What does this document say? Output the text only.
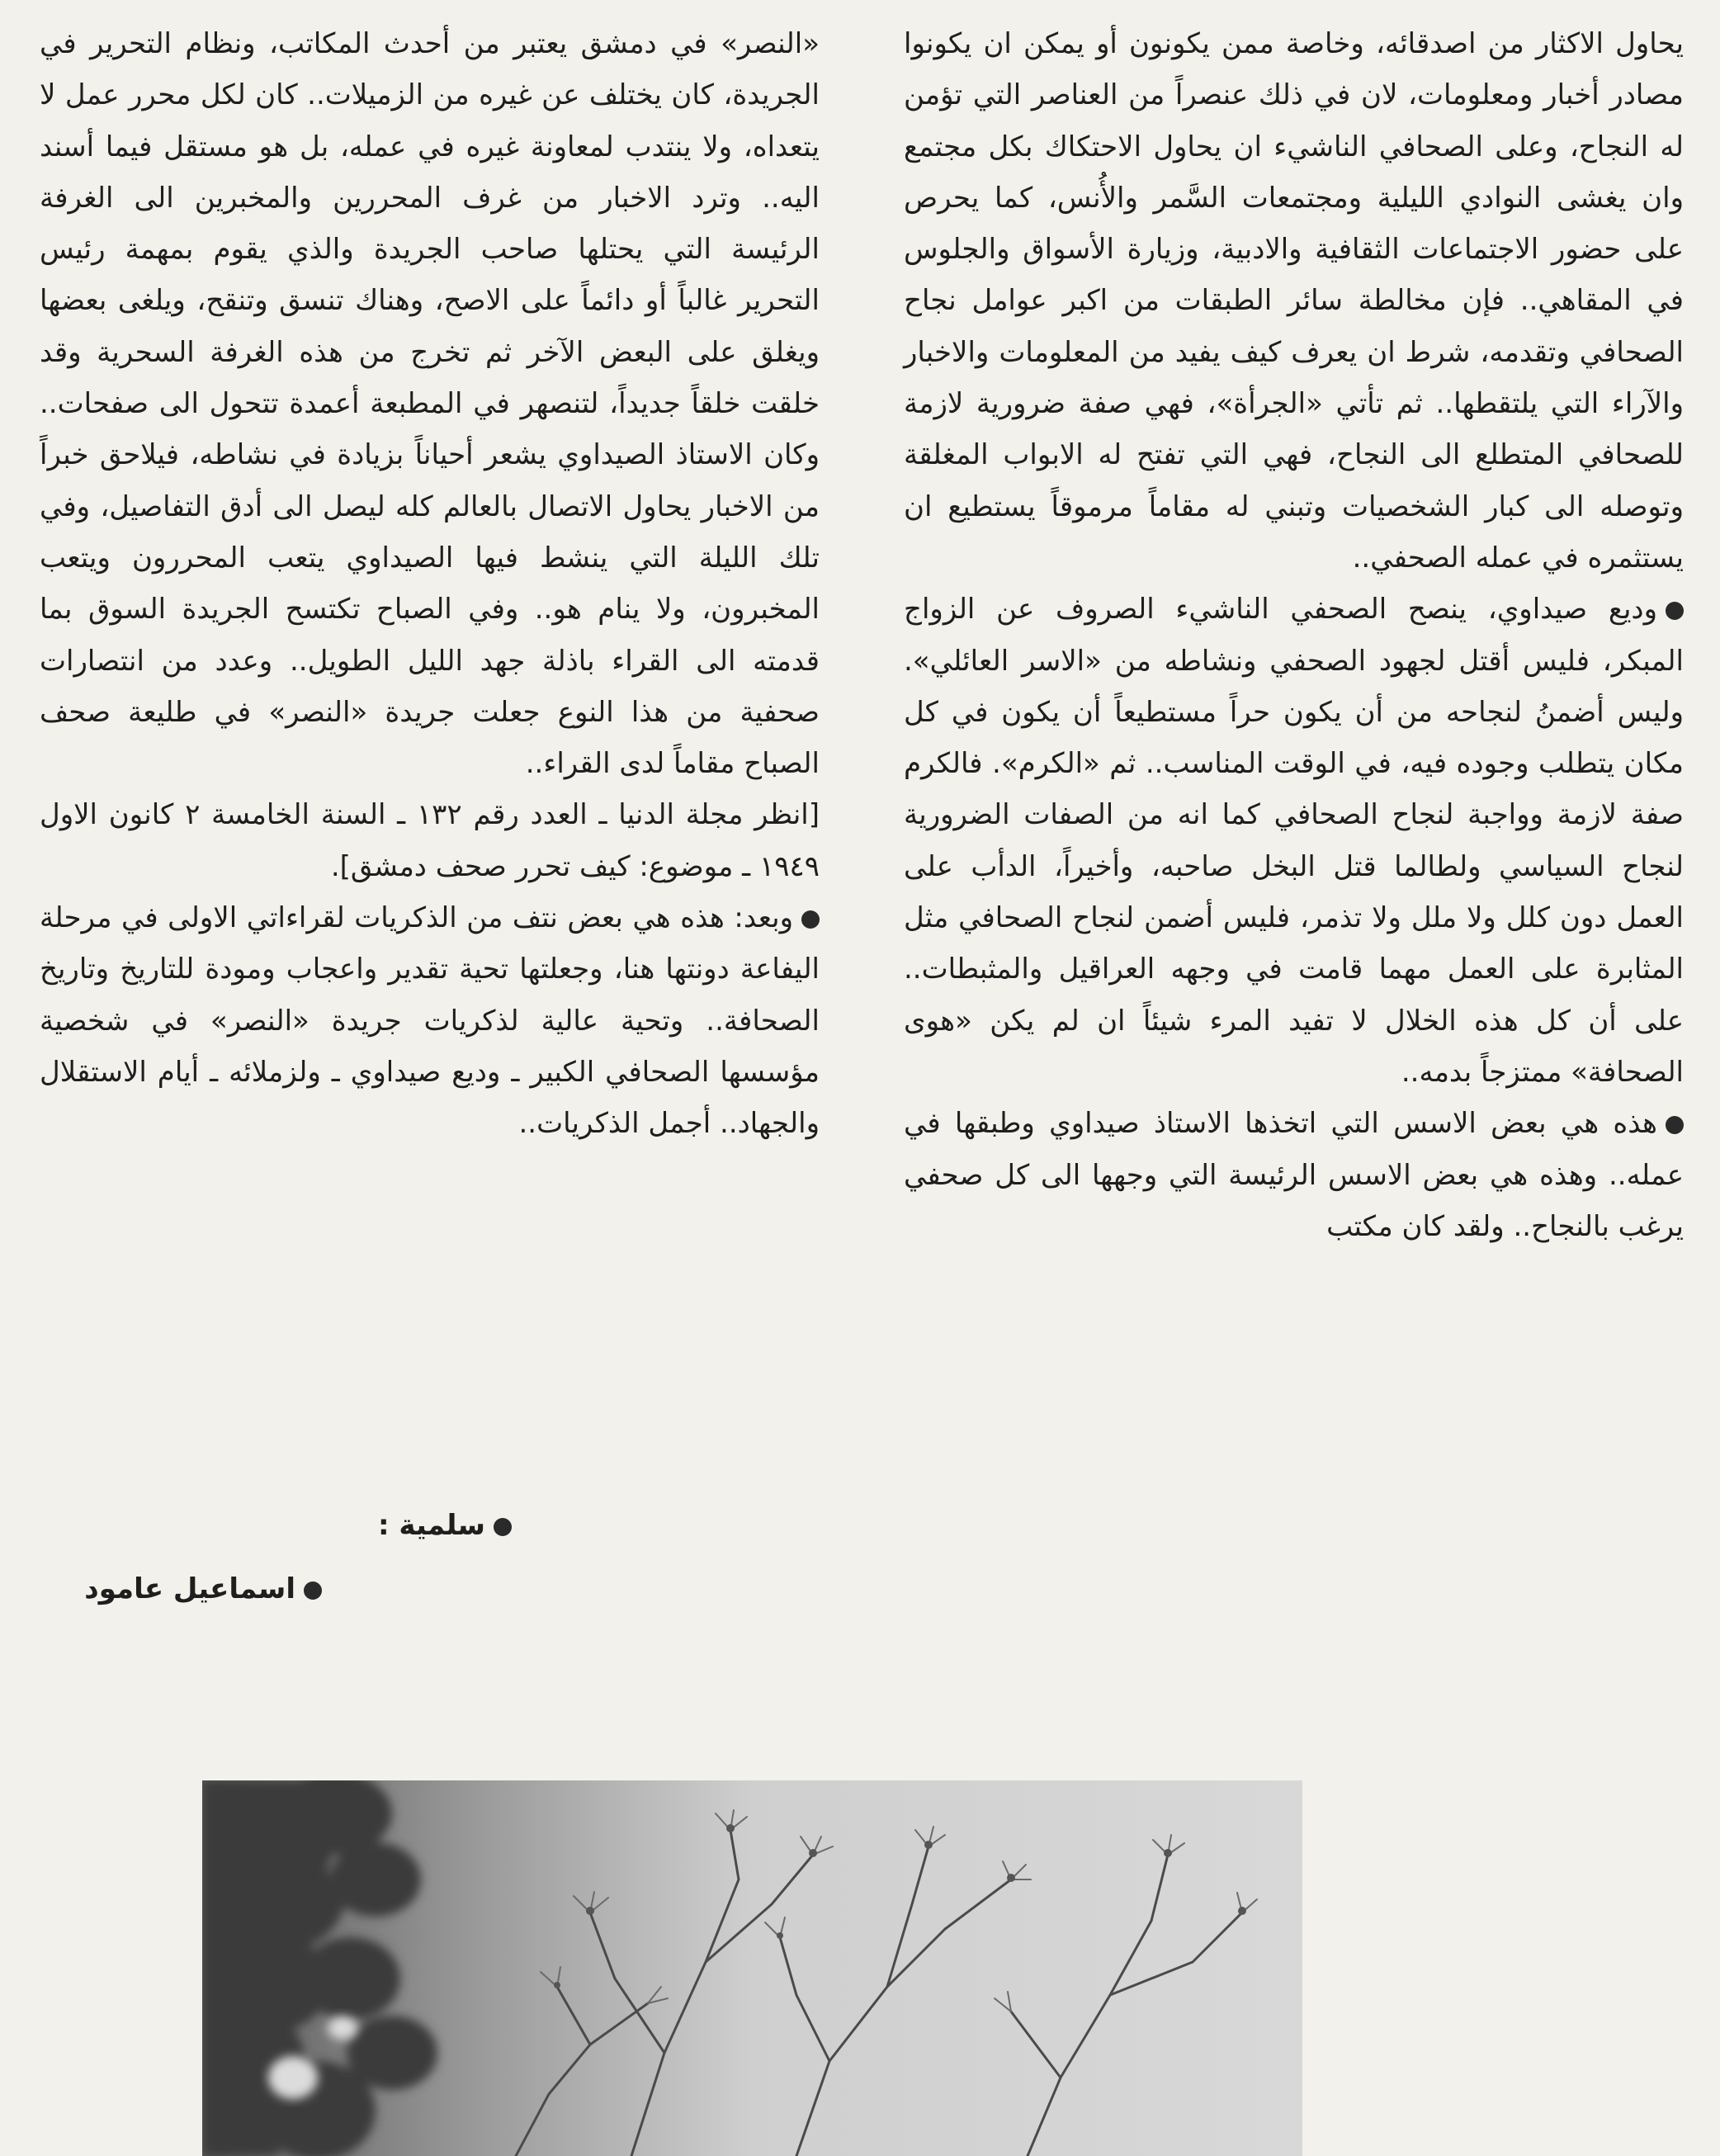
يحاول الاكثار من اصدقائه، وخاصة ممن يكونون أو يمكن ان يكونوا مصادر أخبار ومعلومات، لان في ذلك عنصراً من العناصر التي تؤمن له النجاح، وعلى الصحافي الناشيء ان يحاول الاحتكاك بكل مجتمع وان يغشى النوادي الليلية ومجتمعات السَّمر والأُنس، كما يحرص على حضور الاجتماعات الثقافية والادبية، وزيارة الأسواق والجلوس في المقاهي.. فإن مخالطة سائر الطبقات من اكبر عوامل نجاح الصحافي وتقدمه، شرط ان يعرف كيف يفيد من المعلومات والاخبار والآراء التي يلتقطها.. ثم تأتي «الجرأة»، فهي صفة ضرورية لازمة للصحافي المتطلع الى النجاح، فهي التي تفتح له الابواب المغلقة وتوصله الى كبار الشخصيات وتبني له مقاماً مرموقاً يستطيع ان يستثمره في عمله الصحفي..

وديع صيداوي، ينصح الصحفي الناشيء الصروف عن الزواج المبكر، فليس أقتل لجهود الصحفي ونشاطه من «الاسر العائلي». وليس أضمنُ لنجاحه من أن يكون حراً مستطيعاً أن يكون في كل مكان يتطلب وجوده فيه، في الوقت المناسب.. ثم «الكرم». فالكرم صفة لازمة وواجبة لنجاح الصحافي كما انه من الصفات الضرورية لنجاح السياسي ولطالما قتل البخل صاحبه، وأخيراً، الدأب على العمل دون كلل ولا ملل ولا تذمر، فليس أضمن لنجاح الصحافي مثل المثابرة على العمل مهما قامت في وجهه العراقيل والمثبطات.. على أن كل هذه الخلال لا تفيد المرء شيئاً ان لم يكن «هوى الصحافة» ممتزجاً بدمه..

هذه هي بعض الاسس التي اتخذها الاستاذ صيداوي وطبقها في عمله.. وهذه هي بعض الاسس الرئيسة التي وجهها الى كل صحفي يرغب بالنجاح.. ولقد كان مكتب

«النصر» في دمشق يعتبر من أحدث المكاتب، ونظام التحرير في الجريدة، كان يختلف عن غيره من الزميلات.. كان لكل محرر عمل لا يتعداه، ولا ينتدب لمعاونة غيره في عمله، بل هو مستقل فيما أسند اليه.. وترد الاخبار من غرف المحررين والمخبرين الى الغرفة الرئيسة التي يحتلها صاحب الجريدة والذي يقوم بمهمة رئيس التحرير غالباً أو دائماً على الاصح، وهناك تنسق وتنقح، ويلغى بعضها ويغلق على البعض الآخر ثم تخرج من هذه الغرفة السحرية وقد خلقت خلقاً جديداً، لتنصهر في المطبعة أعمدة تتحول الى صفحات.. وكان الاستاذ الصيداوي يشعر أحياناً بزيادة في نشاطه، فيلاحق خبراً من الاخبار يحاول الاتصال بالعالم كله ليصل الى أدق التفاصيل، وفي تلك الليلة التي ينشط فيها الصيداوي يتعب المحررون ويتعب المخبرون، ولا ينام هو.. وفي الصباح تكتسح الجريدة السوق بما قدمته الى القراء باذلة جهد الليل الطويل.. وعدد من انتصارات صحفية من هذا النوع جعلت جريدة «النصر» في طليعة صحف الصباح مقاماً لدى القراء..

[انظر مجلة الدنيا ـ العدد رقم ١٣٢ ـ السنة الخامسة ٢ كانون الاول ١٩٤٩ ـ موضوع: كيف تحرر صحف دمشق].

وبعد: هذه هي بعض نتف من الذكريات لقراءاتي الاولى في مرحلة اليفاعة دونتها هنا، وجعلتها تحية تقدير واعجاب ومودة للتاريخ وتاريخ الصحافة.. وتحية عالية لذكريات جريدة «النصر» في شخصية مؤسسها الصحافي الكبير ـ وديع صيداوي ـ ولزملائه ـ أيام الاستقلال والجهاد.. أجمل الذكريات..

سلمية :
اسماعيل عامود
